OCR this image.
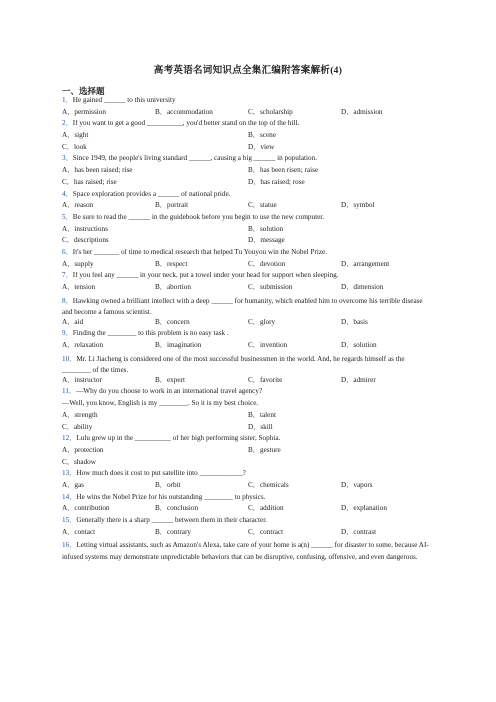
高考英语名词知识点全集汇编附答案解析(4)
一、选择题
1．He gained ______ to this university
A．permission	B．accommodation	C．scholarship	D．admission
2．If you want to get a good __________, you'd better stand on the top of the hill.
A．sight	B．scene
C．look	D．view
3．Since 1949, the people's living standard ______, causing a big ______ in population.
A．has been raised; rise	B．has been risen; raise
C．has raised; rise	D．has raised; rose
4．Space exploration provides a ______ of national pride.
A．reason	B．portrait	C．statue	D．symbol
5．Be sure to read the ______ in the guidebook before you begin to use the new computer.
A．instructions	B．solution
C．descriptions	D．message
6．It's her _______ of time to medical research that helped Tu Youyou win the Nobel Prize.
A．supply	B．respect	C．devotion	D．arrangement
7．If you feel any ______ in your neck, put a towel under your head for support when sleeping.
A．tension	B．abortion	C．submission	D．dimension
8．Hawking owned a brilliant intellect with a deep ______ for humanity, which enabled him to overcome his terrible disease and become a famous scientist.
A．aid	B．concern	C．glory	D．basis
9．Finding the ________ to this problem is no easy task .
A．relaxation	B．imagination	C．invention	D．solution
10．Mr. Li Jiacheng is considered one of the most successful businessmen in the world. And, he regards himself as the ________ of the times.
A．instructor	B．expert	C．favorite	D．admirer
11．—Why do you choose to work in an international travel agency?
—Well, you know, English is my ________. So it is my best choice.
A．strength	B．talent
C．ability	D．skill
12．Lulu grew up in the __________ of her high performing sister, Sophia.
A．protection	B．gesture
C．shadow
13．How much does it cost to put satellite into ____________?
A．gas	B．orbit	C．chemicals	D．vapors
14．He wins the Nobel Prize for his outstanding ________ to physics.
A．contribution	B．conclusion	C．addition	D．explanation
15．Generally there is a sharp ______ between them in their character.
A．contact	B．contrary	C．contract	D．contrast
16．Letting virtual assistants, such as Amazon's Alexa, take care of your home is a(n) ______ for disaster to some, because AI-infused systems may demonstrate unpredictable behaviors that can be disruptive, confusing, offensive, and even dangerous.
